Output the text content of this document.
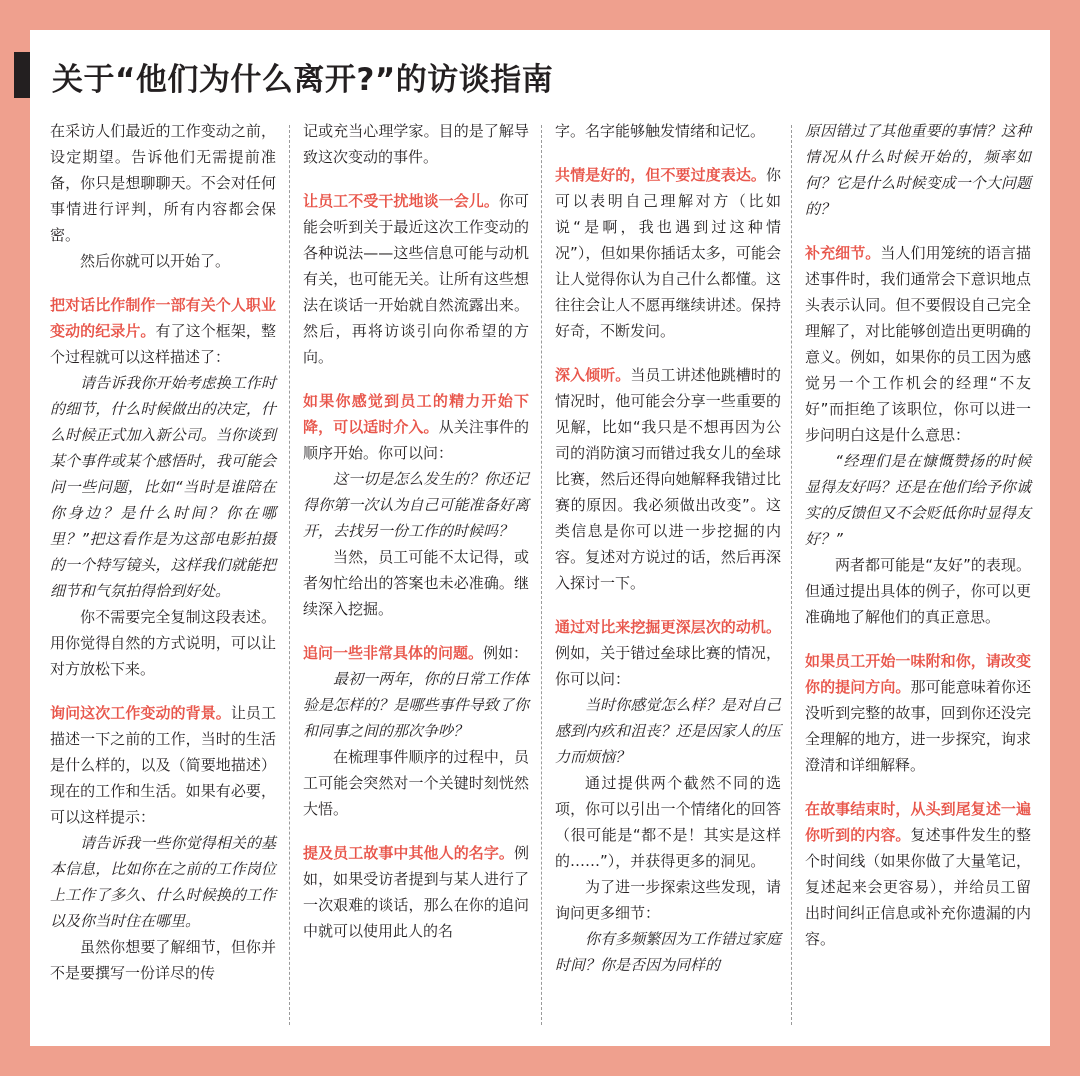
关于“他们为什么离开?”的访谈指南

在采访人们最近的工作变动之前，设定期望。告诉他们无需提前准备，你只是想聊聊天。不会对任何事情进行评判，所有内容都会保密。

然后你就可以开始了。

把对话比作制作一部有关个人职业变动的纪录片。有了这个框架，整个过程就可以这样描述了：

请告诉我你开始考虑换工作时的细节，什么时候做出的决定，什么时候正式加入新公司。当你谈到某个事件或某个感悟时，我可能会问一些问题，比如“当时是谁陪在你身边？是什么时间？你在哪里？”把这看作是为这部电影拍摄的一个特写镜头，这样我们就能把细节和气氛拍得恰到好处。

你不需要完全复制这段表述。用你觉得自然的方式说明，可以让对方放松下来。

询问这次工作变动的背景。让员工描述一下之前的工作，当时的生活是什么样的，以及（简要地描述）现在的工作和生活。如果有必要，可以这样提示：

请告诉我一些你觉得相关的基本信息，比如你在之前的工作岗位上工作了多久、什么时候换的工作以及你当时住在哪里。

虽然你想要了解细节，但你并不是要撰写一份详尽的传

记或充当心理学家。目的是了解导致这次变动的事件。

让员工不受干扰地谈一会儿。你可能会听到关于最近这次工作变动的各种说法——这些信息可能与动机有关，也可能无关。让所有这些想法在谈话一开始就自然流露出来。然后，再将访谈引向你希望的方向。

如果你感觉到员工的精力开始下降，可以适时介入。从关注事件的顺序开始。你可以问：

这一切是怎么发生的？你还记得你第一次认为自己可能准备好离开，去找另一份工作的时候吗？

当然，员工可能不太记得，或者匆忙给出的答案也未必准确。继续深入挖掘。

追问一些非常具体的问题。例如：

最初一两年，你的日常工作体验是怎样的？是哪些事件导致了你和同事之间的那次争吵？

在梳理事件顺序的过程中，员工可能会突然对一个关键时刻恍然大悟。

提及员工故事中其他人的名字。例如，如果受访者提到与某人进行了一次艰难的谈话，那么在你的追问中就可以使用此人的名

字。名字能够触发情绪和记忆。

共情是好的，但不要过度表达。你可以表明自己理解对方（比如说“是啊，我也遇到过这种情况”），但如果你插话太多，可能会让人觉得你认为自己什么都懂。这往往会让人不愿再继续讲述。保持好奇，不断发问。

深入倾听。当员工讲述他跳槽时的情况时，他可能会分享一些重要的见解，比如“我只是不想再因为公司的消防演习而错过我女儿的垒球比赛，然后还得向她解释我错过比赛的原因。我必须做出改变”。这类信息是你可以进一步挖掘的内容。复述对方说过的话，然后再深入探讨一下。

通过对比来挖掘更深层次的动机。例如，关于错过垒球比赛的情况，你可以问：

当时你感觉怎么样？是对自己感到内疚和沮丧？还是因家人的压力而烦恼？

通过提供两个截然不同的选项，你可以引出一个情绪化的回答（很可能是“都不是！其实是这样的……”），并获得更多的洞见。

为了进一步探索这些发现，请询问更多细节：

你有多频繁因为工作错过家庭时间？你是否因为同样的

原因错过了其他重要的事情？这种情况从什么时候开始的，频率如何？它是什么时候变成一个大问题的？

补充细节。当人们用笼统的语言描述事件时，我们通常会下意识地点头表示认同。但不要假设自己完全理解了，对比能够创造出更明确的意义。例如，如果你的员工因为感觉另一个工作机会的经理“不友好”而拒绝了该职位，你可以进一步问明白这是什么意思：

“经理们是在慷慨赞扬的时候显得友好吗？还是在他们给予你诚实的反馈但又不会贬低你时显得友好？”

两者都可能是“友好”的表现。但通过提出具体的例子，你可以更准确地了解他们的真正意思。

如果员工开始一味附和你，请改变你的提问方向。那可能意味着你还没听到完整的故事，回到你还没完全理解的地方，进一步探究，询求澄清和详细解释。

在故事结束时，从头到尾复述一遍你听到的内容。复述事件发生的整个时间线（如果你做了大量笔记，复述起来会更容易），并给员工留出时间纠正信息或补充你遗漏的内容。
